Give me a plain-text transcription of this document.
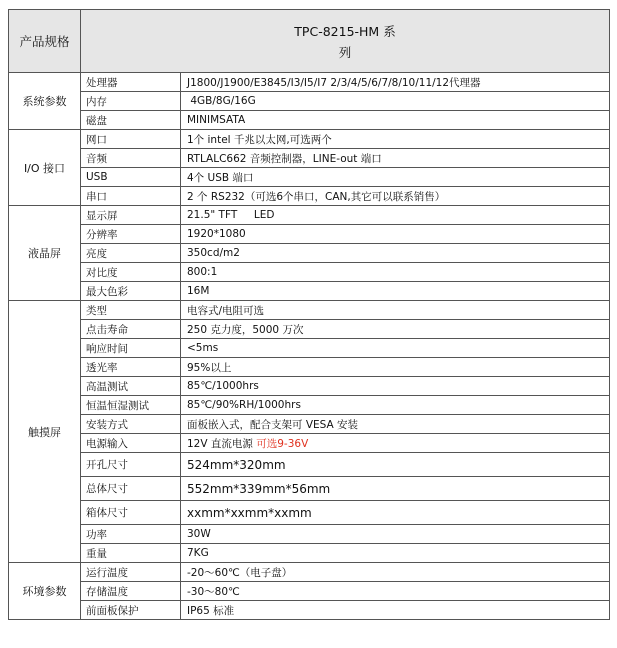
产品规格	TPC-8215-HM 系
列	

系统参数	处理器	J1800/J1900/E3845/I3/I5/I7 2/3/4/5/6/7/8/10/11/12代理器
	内存	4GB/8G/16G
	磁盘	MINIMSATA
I/O 接口	网口	1个 intel 千兆以太网,可选两个
	音频	RTLALC662 音频控制器，LINE-out 端口
	USB	4个 USB 端口
	串口	2 个 RS232（可选6个串口，CAN,其它可以联系销售）
液晶屏	显示屏	21.5" TFT     LED
	分辨率	1920*1080
	亮度	350cd/m2
	对比度	800:1
	最大色彩	16M
触摸屏	类型	电容式/电阻可选
	点击寿命	250 克力度，5000 万次
	响应时间	<5ms
	透光率	95%以上
	高温测试	85℃/1000hrs
	恒温恒湿测试	85℃/90%RH/1000hrs
	安装方式	面板嵌入式，配合支架可 VESA 安装
	电源输入	12V 直流电源 可选9-36V
	开孔尺寸	524mm*320mm
	总体尺寸	552mm*339mm*56mm
	箱体尺寸	xxmm*xxmm*xxmm
	功率	30W
	重量	7KG
环境参数	运行温度	-20～60℃（电子盘）
	存储温度	-30～80℃
	前面板保护	IP65 标准
